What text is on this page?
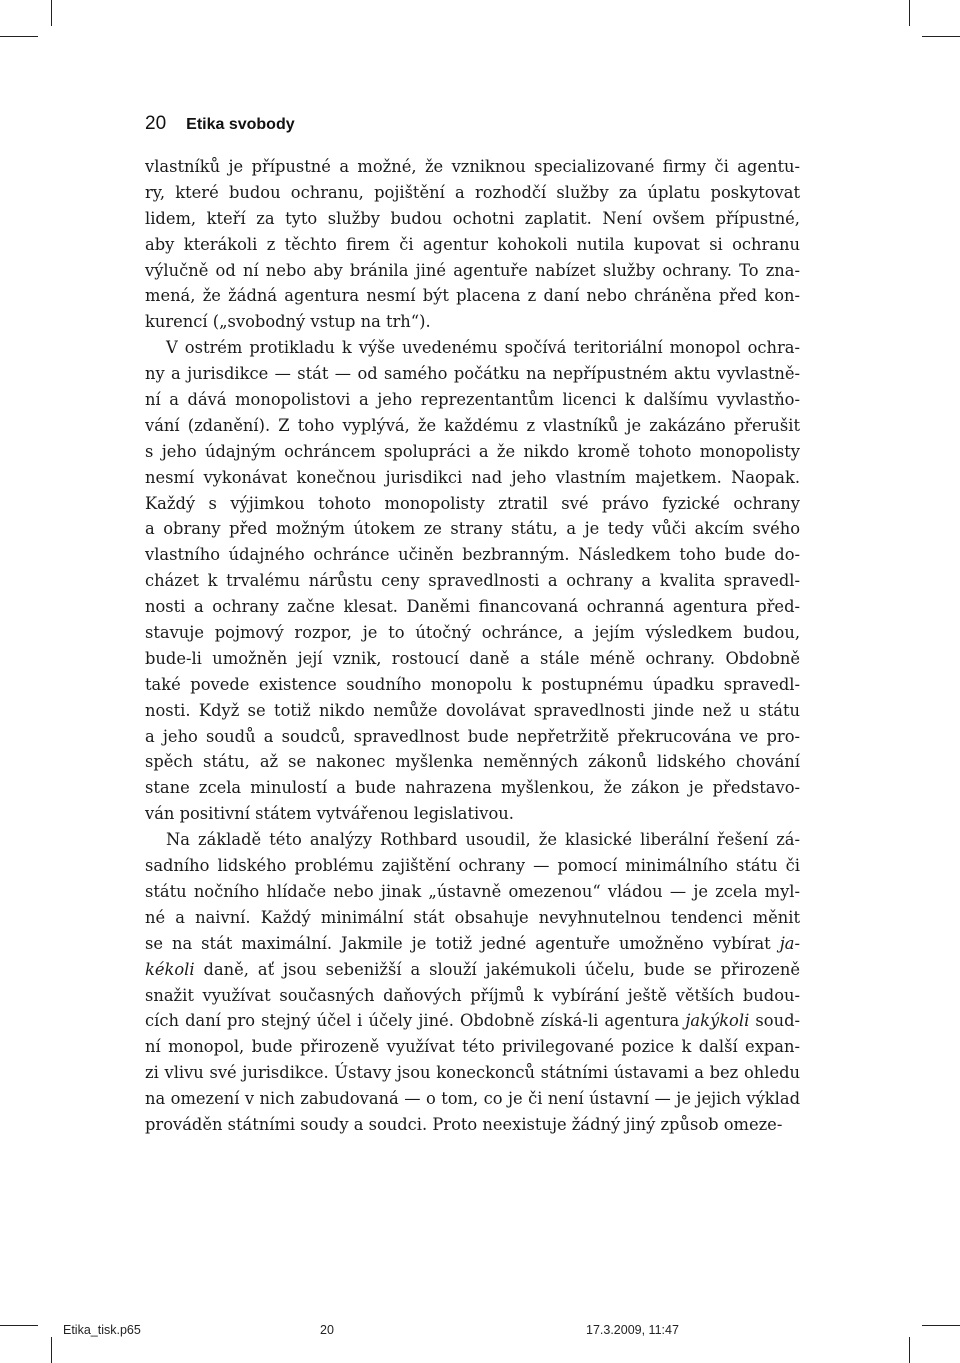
20 Etika svobody
vlastníků je přípustné a možné, že vzniknou specializované firmy či agentu-
ry, které budou ochranu, pojištění a rozhodčí služby za úplatu poskytovat
lidem, kteří za tyto služby budou ochotni zaplatit. Není ovšem přípustné,
aby kterákoli z těchto firem či agentur kohokoli nutila kupovat si ochranu
výlučně od ní nebo aby bránila jiné agentuře nabízet služby ochrany. To zna-
mená, že žádná agentura nesmí být placena z daní nebo chráněna před kon-
kurencí („svobodný vstup na trh“).
V ostrém protikladu k výše uvedenému spočívá teritoriální monopol ochra-
ny a jurisdikce — stát — od samého počátku na nepřípustném aktu vyvlastně-
ní a dává monopolistovi a jeho reprezentantům licenci k dalšímu vyvlastňo-
vání (zdanění). Z toho vyplývá, že každému z vlastníků je zakázáno přerušit
s jeho údajným ochráncem spolupráci a že nikdo kromě tohoto monopolisty
nesmí vykonávat konečnou jurisdikci nad jeho vlastním majetkem. Naopak.
Každý s výjimkou tohoto monopolisty ztratil své právo fyzické ochrany
a obrany před možným útokem ze strany státu, a je tedy vůči akcím svého
vlastního údajného ochránce učiněn bezbranným. Následkem toho bude do-
cházet k trvalému nárůstu ceny spravedlnosti a ochrany a kvalita spravedl-
nosti a ochrany začne klesat. Daněmi financovaná ochranná agentura před-
stavuje pojmový rozpor, je to útočný ochránce, a jejím výsledkem budou,
bude-li umožněn její vznik, rostoucí daně a stále méně ochrany. Obdobně
také povede existence soudního monopolu k postupnému úpadku spravedl-
nosti. Když se totiž nikdo nemůže dovolávat spravedlnosti jinde než u státu
a jeho soudů a soudců, spravedlnost bude nepřetržitě překrucována ve pro-
spěch státu, až se nakonec myšlenka neměnných zákonů lidského chování
stane zcela minulostí a bude nahrazena myšlenkou, že zákon je představo-
ván positivní státem vytvářenou legislativou.
Na základě této analýzy Rothbard usoudil, že klasické liberální řešení zá-
sadního lidského problému zajištění ochrany — pomocí minimálního státu či
státu nočního hlídače nebo jinak „ústavně omezenou“ vládou — je zcela myl-
né a naivní. Každý minimální stát obsahuje nevyhnutelnou tendenci měnit
se na stát maximální. Jakmile je totiž jedné agentuře umožněno vybírat ja-
kékoli daně, ať jsou sebenižší a slouží jakémukoli účelu, bude se přirozeně
snažit využívat současných daňových příjmů k vybírání ještě větších budou-
cích daní pro stejný účel i účely jiné. Obdobně získá-li agentura jakýkoli soud-
ní monopol, bude přirozeně využívat této privilegované pozice k další expan-
zi vlivu své jurisdikce. Ústavy jsou koneckonců státními ústavami a bez ohledu
na omezení v nich zabudovaná — o tom, co je či není ústavní — je jejich výklad
prováděn státními soudy a soudci. Proto neexistuje žádný jiný způsob omeze-
Etika_tisk.p65	20	17.3.2009, 11:47
